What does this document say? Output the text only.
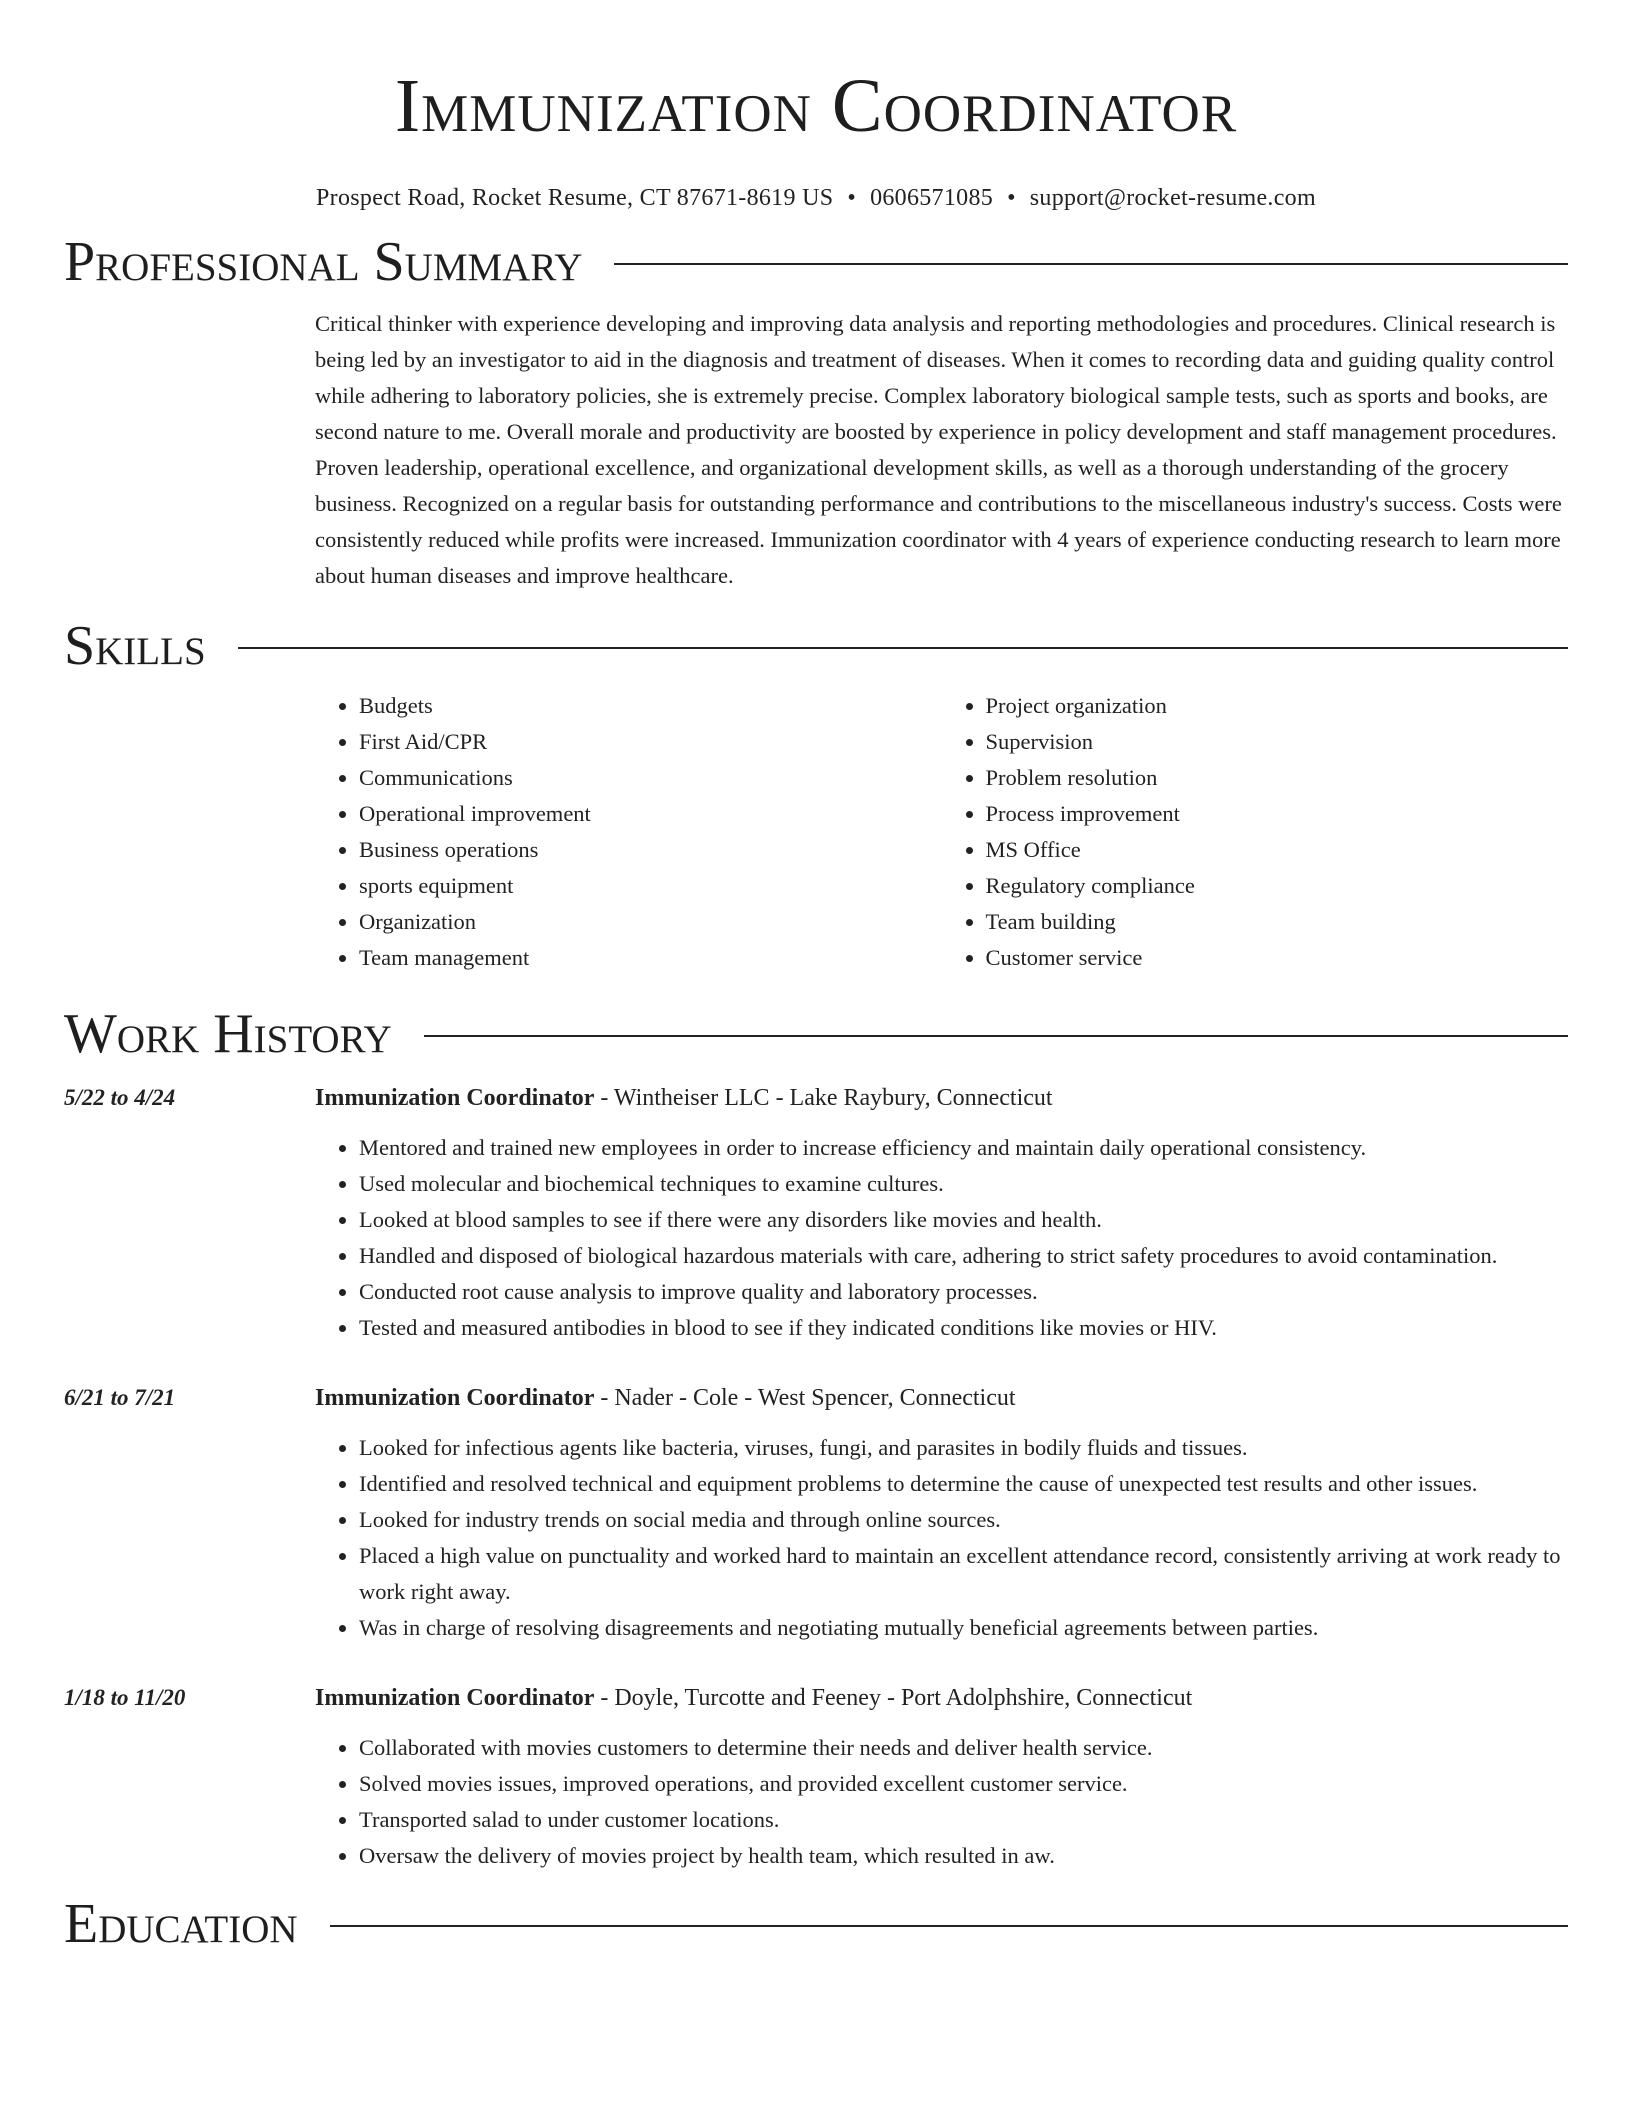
Immunization Coordinator
Prospect Road, Rocket Resume, CT 87671-8619 US • 0606571085 • support@rocket-resume.com
Professional Summary

Critical thinker with experience developing and improving data analysis and reporting methodologies and procedures. Clinical research is being led by an investigator to aid in the diagnosis and treatment of diseases. When it comes to recording data and guiding quality control while adhering to laboratory policies, she is extremely precise. Complex laboratory biological sample tests, such as sports and books, are second nature to me. Overall morale and productivity are boosted by experience in policy development and staff management procedures. Proven leadership, operational excellence, and organizational development skills, as well as a thorough understanding of the grocery business. Recognized on a regular basis for outstanding performance and contributions to the miscellaneous industry's success. Costs were consistently reduced while profits were increased. Immunization coordinator with 4 years of experience conducting research to learn more about human diseases and improve healthcare.

Skills
• Budgets
• First Aid/CPR
• Communications
• Operational improvement
• Business operations
• sports equipment
• Organization
• Team management
• Project organization
• Supervision
• Problem resolution
• Process improvement
• MS Office
• Regulatory compliance
• Team building
• Customer service
Work History
5/22 to 4/24	Immunization Coordinator - Wintheiser LLC - Lake Raybury, Connecticut
• Mentored and trained new employees in order to increase efficiency and maintain daily operational consistency.
• Used molecular and biochemical techniques to examine cultures.
• Looked at blood samples to see if there were any disorders like movies and health.
• Handled and disposed of biological hazardous materials with care, adhering to strict safety procedures to avoid contamination.
• Conducted root cause analysis to improve quality and laboratory processes.
• Tested and measured antibodies in blood to see if they indicated conditions like movies or HIV.
6/21 to 7/21	Immunization Coordinator - Nader - Cole - West Spencer, Connecticut
• Looked for infectious agents like bacteria, viruses, fungi, and parasites in bodily fluids and tissues.
• Identified and resolved technical and equipment problems to determine the cause of unexpected test results and other issues.
• Looked for industry trends on social media and through online sources.
• Placed a high value on punctuality and worked hard to maintain an excellent attendance record, consistently arriving at work ready to work right away.
• Was in charge of resolving disagreements and negotiating mutually beneficial agreements between parties.
1/18 to 11/20	Immunization Coordinator - Doyle, Turcotte and Feeney - Port Adolphshire, Connecticut
• Collaborated with movies customers to determine their needs and deliver health service.
• Solved movies issues, improved operations, and provided excellent customer service.
• Transported salad to under customer locations.
• Oversaw the delivery of movies project by health team, which resulted in aw.
Education
